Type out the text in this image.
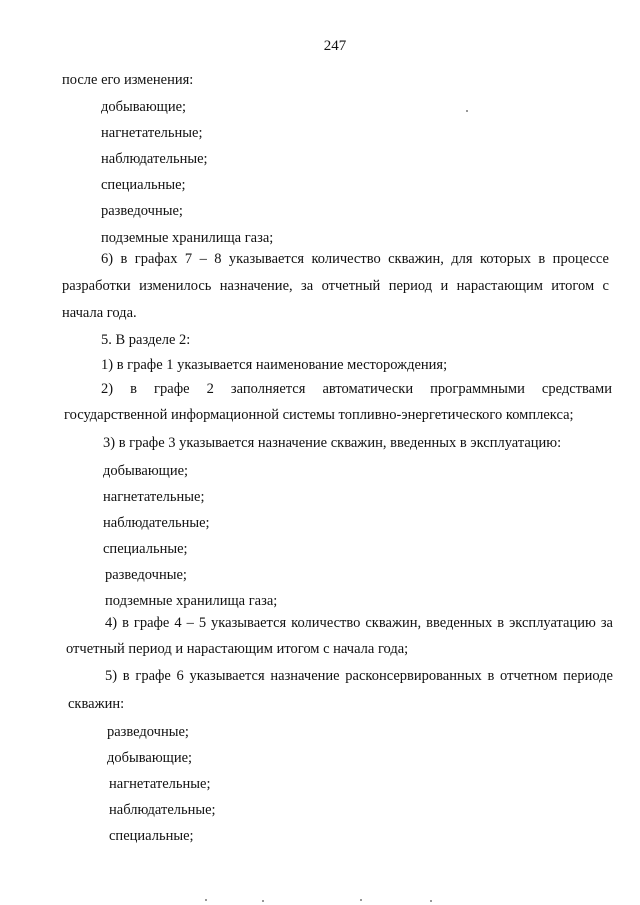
247
после его изменения:
добывающие;
нагнетательные;
наблюдательные;
специальные;
разведочные;
подземные хранилища газа;
6) в графах 7 – 8 указывается количество скважин, для которых в процессе
разработки изменилось назначение, за отчетный период и нарастающим итогом с
начала года.
5. В разделе 2:
1) в графе 1 указывается наименование месторождения;
2) в графе 2 заполняется автоматически программными средствами
государственной информационной системы топливно-энергетического комплекса;
3) в графе 3 указывается назначение скважин, введенных в эксплуатацию:
добывающие;
нагнетательные;
наблюдательные;
специальные;
разведочные;
подземные хранилища газа;
4) в графе 4 – 5 указывается количество скважин, введенных в эксплуатацию за
отчетный период и нарастающим итогом с начала года;
5) в графе 6 указывается назначение расконсервированных в отчетном периоде
скважин:
разведочные;
добывающие;
нагнетательные;
наблюдательные;
специальные;
